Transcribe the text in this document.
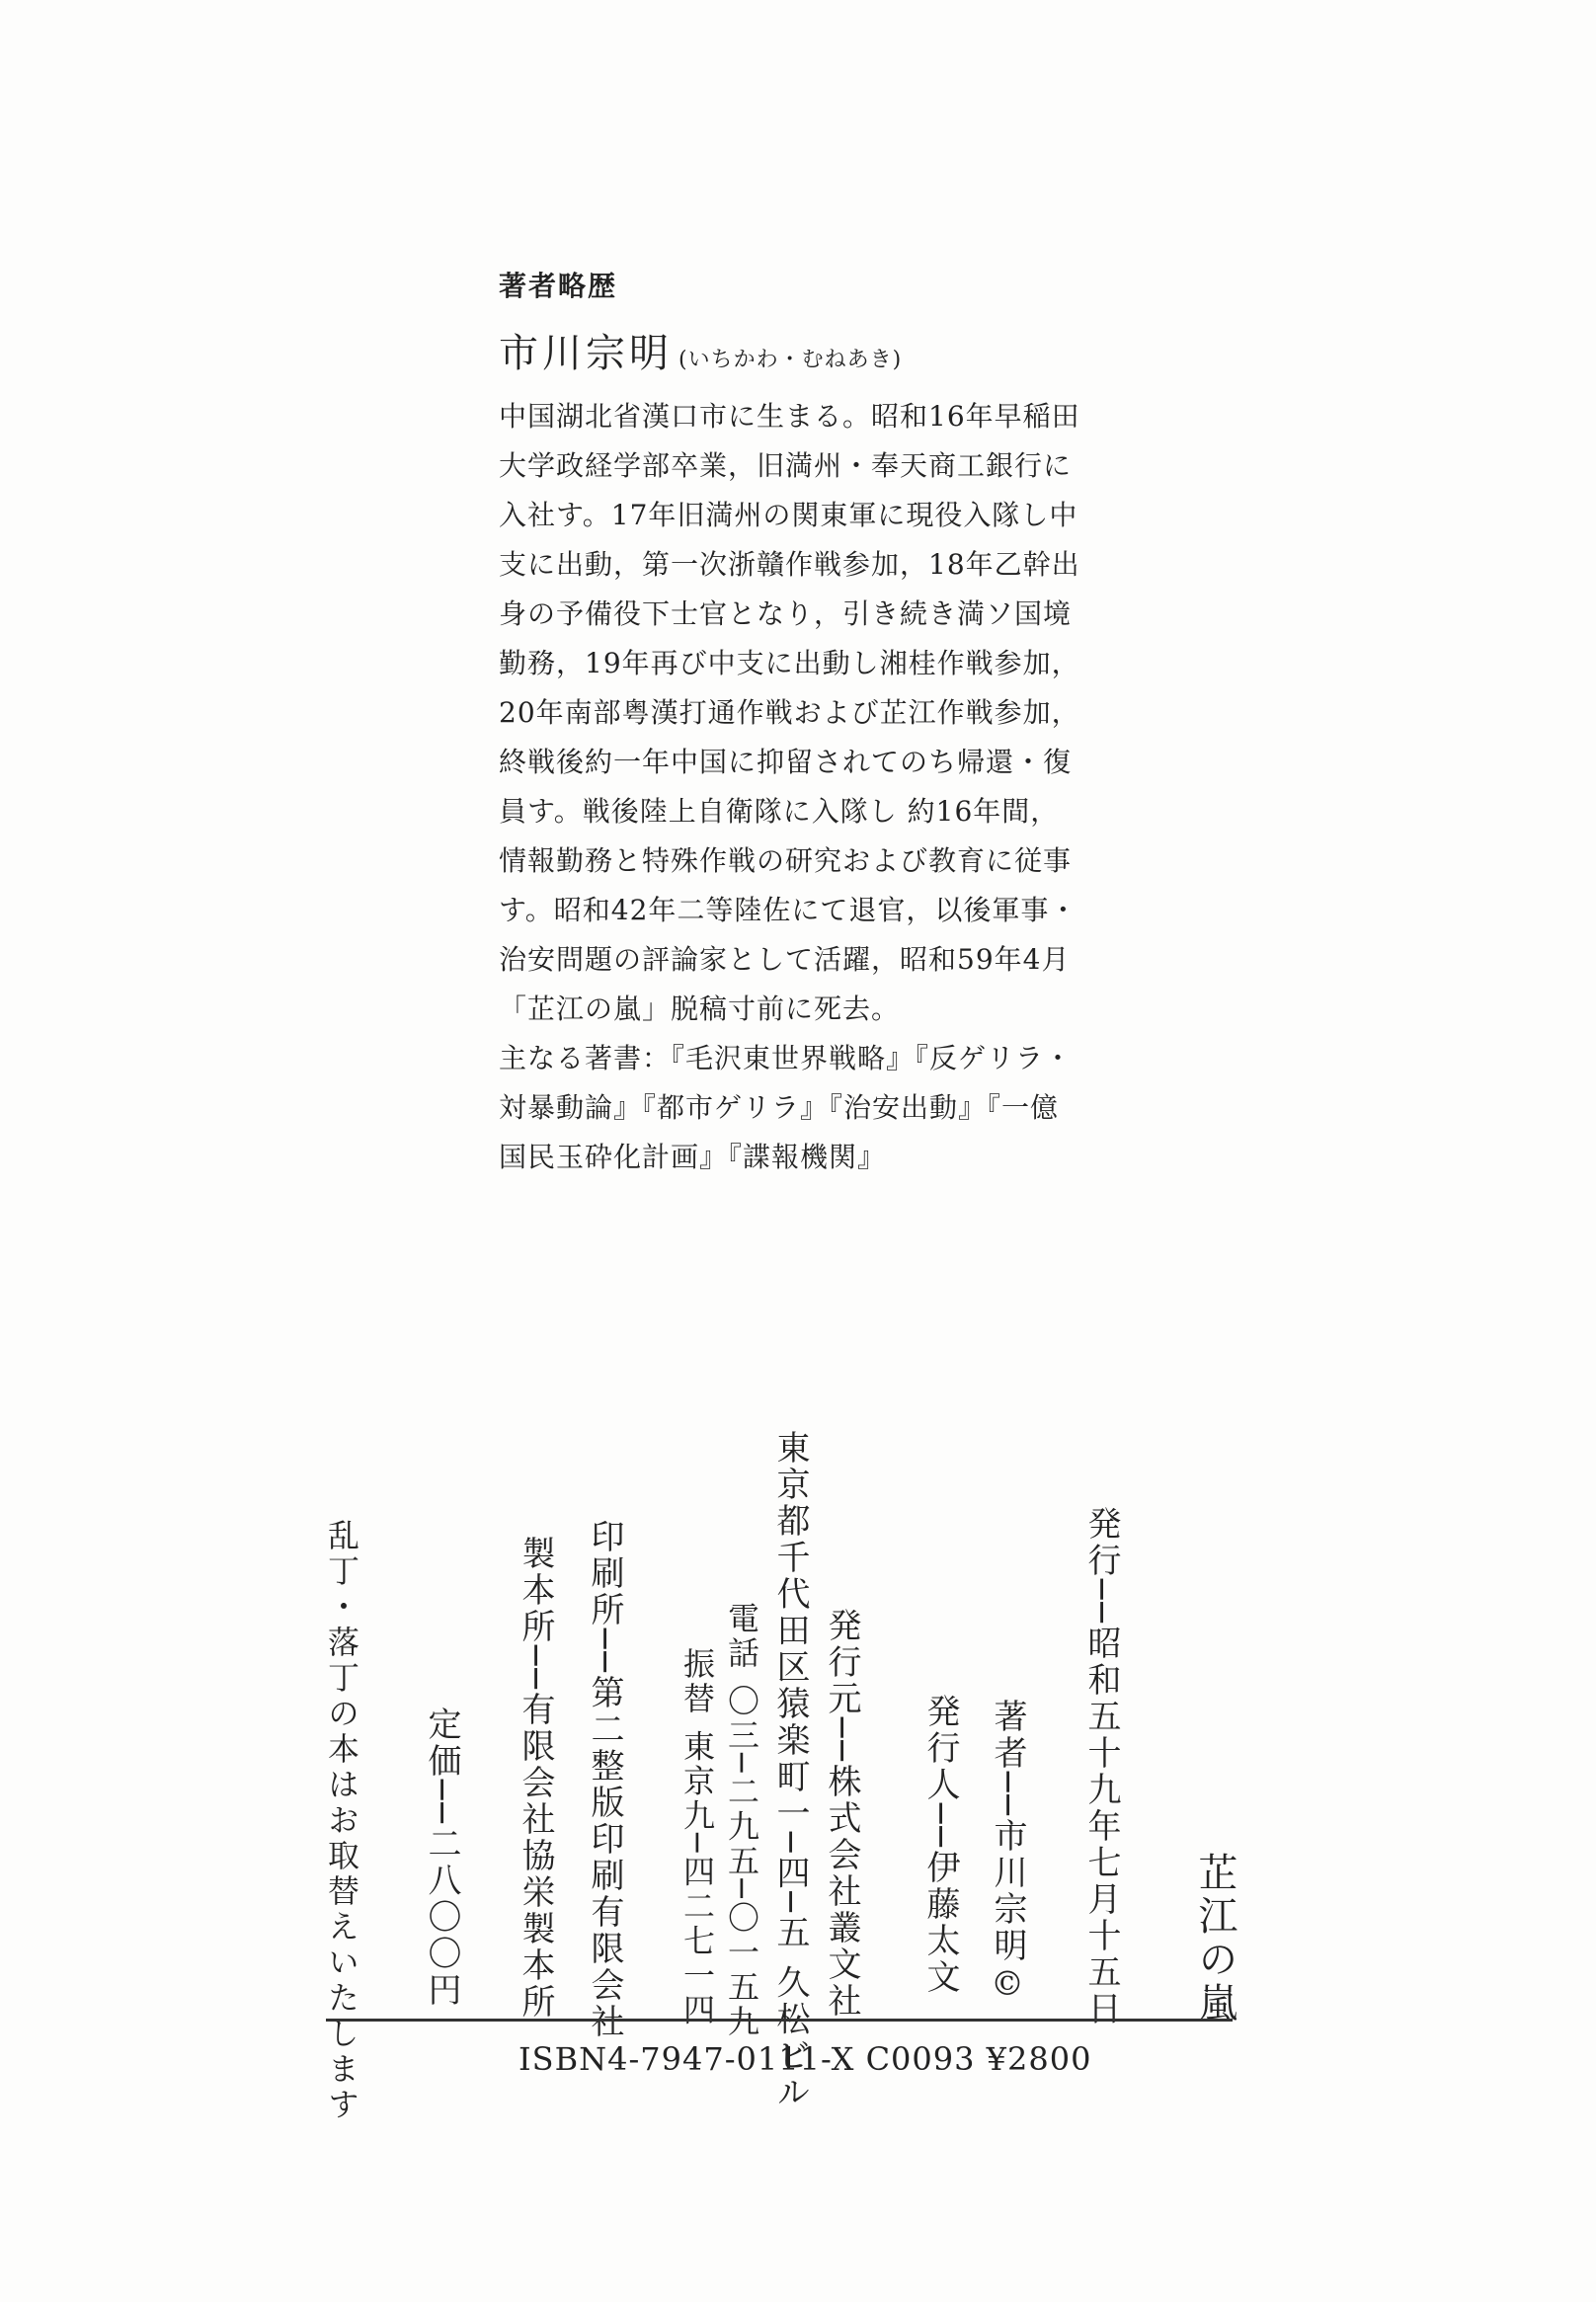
著者略歴
市川宗明 (いちかわ・むねあき)
中国湖北省漢口市に生まる。昭和16年早稲田
大学政経学部卒業，旧満州・奉天商工銀行に
入社す。17年旧満州の関東軍に現役入隊し中
支に出動，第一次浙贛作戦参加，18年乙幹出
身の予備役下士官となり，引き続き満ソ国境
勤務，19年再び中支に出動し湘桂作戦参加，
20年南部粤漢打通作戦および芷江作戦参加，
終戦後約一年中国に抑留されてのち帰還・復
員す。戦後陸上自衛隊に入隊し 約16年間，
情報勤務と特殊作戦の研究および教育に従事
す。昭和42年二等陸佐にて退官，以後軍事・
治安問題の評論家として活躍，昭和59年4月
「芷江の嵐」脱稿寸前に死去。
主なる著書：『毛沢東世界戦略』『反ゲリラ・
対暴動論』『都市ゲリラ』『治安出動』『一億
国民玉砕化計画』『諜報機関』
芷江の嵐
発行──昭和五十九年七月十五日
著者──市川宗明©
発行人──伊藤太文
発行元──株式会社叢文社
東京都千代田区猿楽町一─四─五 久松ビル
電話 〇三─二九五─〇一五九
振替 東京九─四二七一四
印刷所──第二整版印刷有限会社
製本所──有限会社協栄製本所
定価──二八〇〇円
乱丁・落丁の本はお取替えいたします	ISBN4-7947-0111-X C0093 ¥2800
